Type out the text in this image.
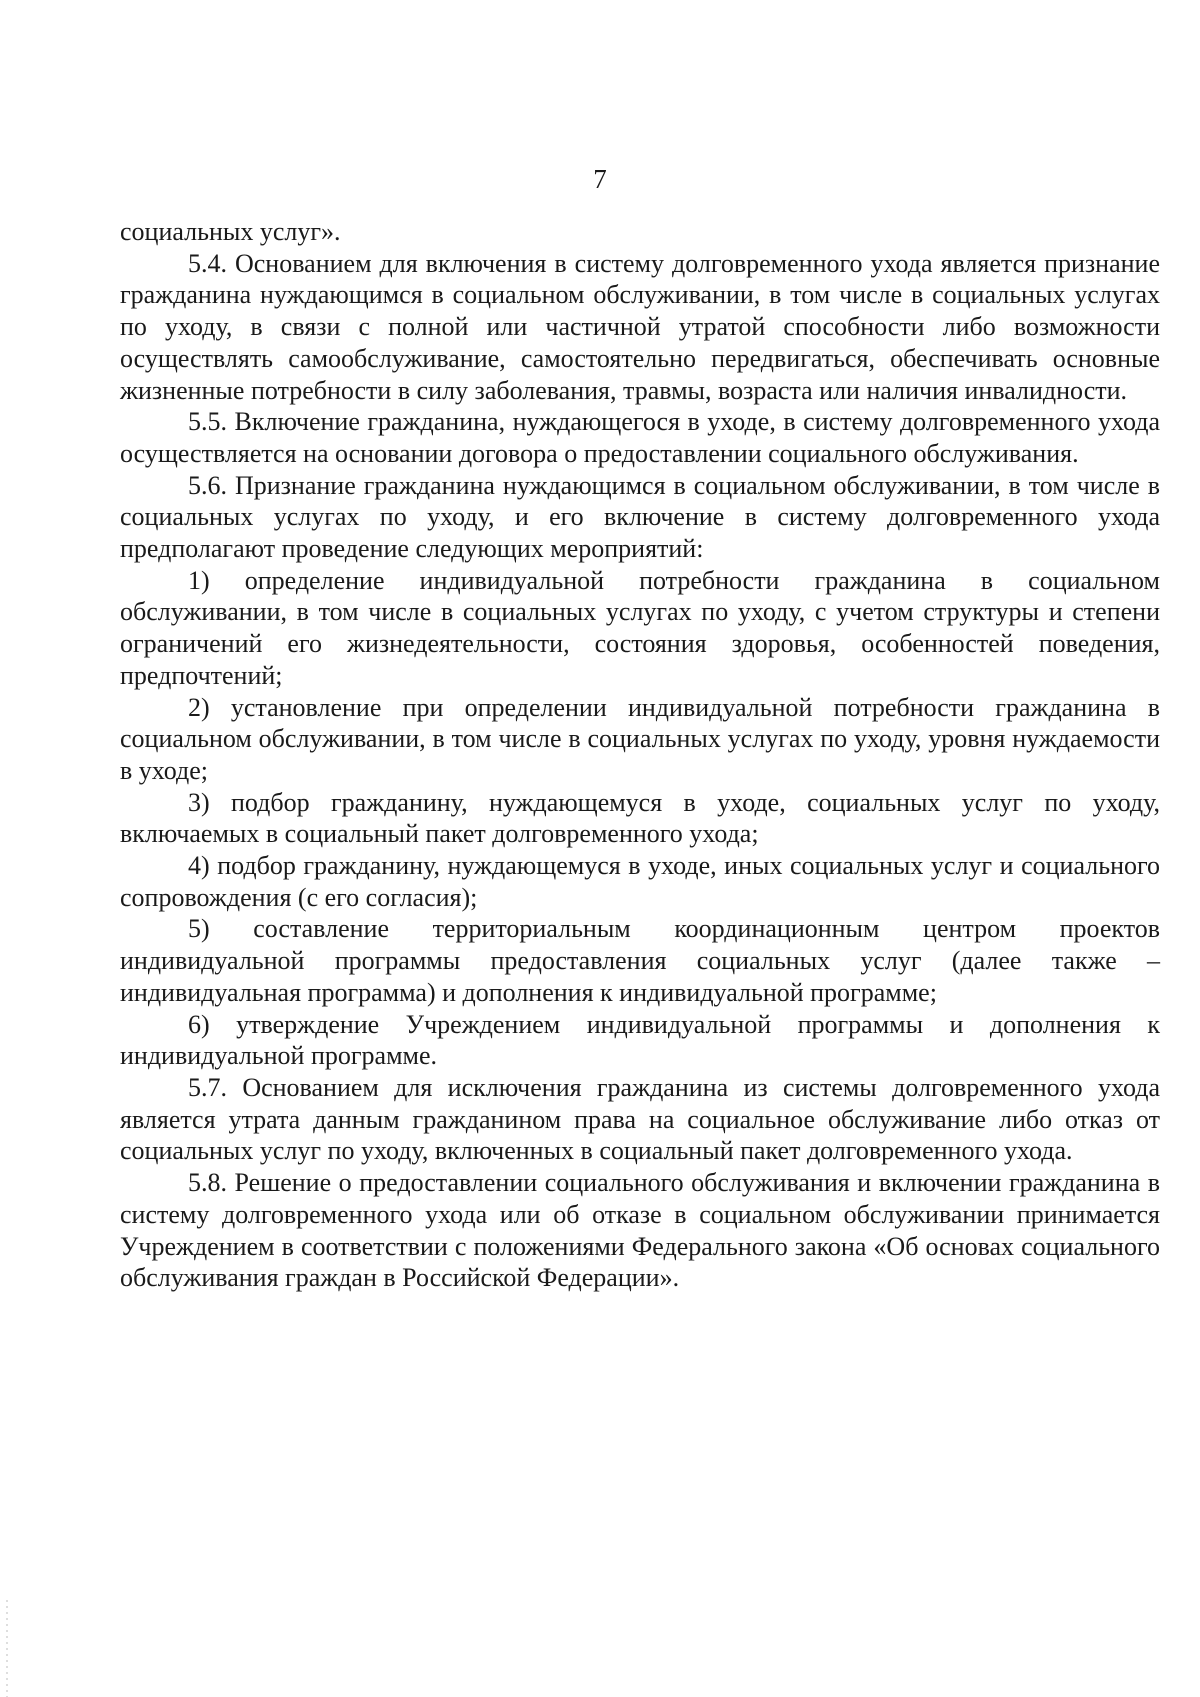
7

социальных услуг».

5.4. Основанием для включения в систему долговременного ухода является признание гражданина нуждающимся в социальном обслуживании, в том числе в социальных услугах по уходу, в связи с полной или частичной утратой способности либо возможности осуществлять самообслуживание, самостоятельно передвигаться, обеспечивать основные жизненные потребности в силу заболевания, травмы, возраста или наличия инвалидности.

5.5. Включение гражданина, нуждающегося в уходе, в систему долговременного ухода осуществляется на основании договора о предоставлении социального обслуживания.

5.6. Признание гражданина нуждающимся в социальном обслуживании, в том числе в социальных услугах по уходу, и его включение в систему долговременного ухода предполагают проведение следующих мероприятий:

1) определение индивидуальной потребности гражданина в социальном обслуживании, в том числе в социальных услугах по уходу, с учетом структуры и степени ограничений его жизнедеятельности, состояния здоровья, особенностей поведения, предпочтений;

2) установление при определении индивидуальной потребности гражданина в социальном обслуживании, в том числе в социальных услугах по уходу, уровня нуждаемости в уходе;

3) подбор гражданину, нуждающемуся в уходе, социальных услуг по уходу, включаемых в социальный пакет долговременного ухода;

4) подбор гражданину, нуждающемуся в уходе, иных социальных услуг и социального сопровождения (с его согласия);

5) составление территориальным координационным центром проектов индивидуальной программы предоставления социальных услуг (далее также – индивидуальная программа) и дополнения к индивидуальной программе;

6) утверждение Учреждением индивидуальной программы и дополнения к индивидуальной программе.

5.7. Основанием для исключения гражданина из системы долговременного ухода является утрата данным гражданином права на социальное обслуживание либо отказ от социальных услуг по уходу, включенных в социальный пакет долговременного ухода.

5.8. Решение о предоставлении социального обслуживания и включении гражданина в систему долговременного ухода или об отказе в социальном обслуживании принимается Учреждением в соответствии с положениями Федерального закона «Об основах социального обслуживания граждан в Российской Федерации».
